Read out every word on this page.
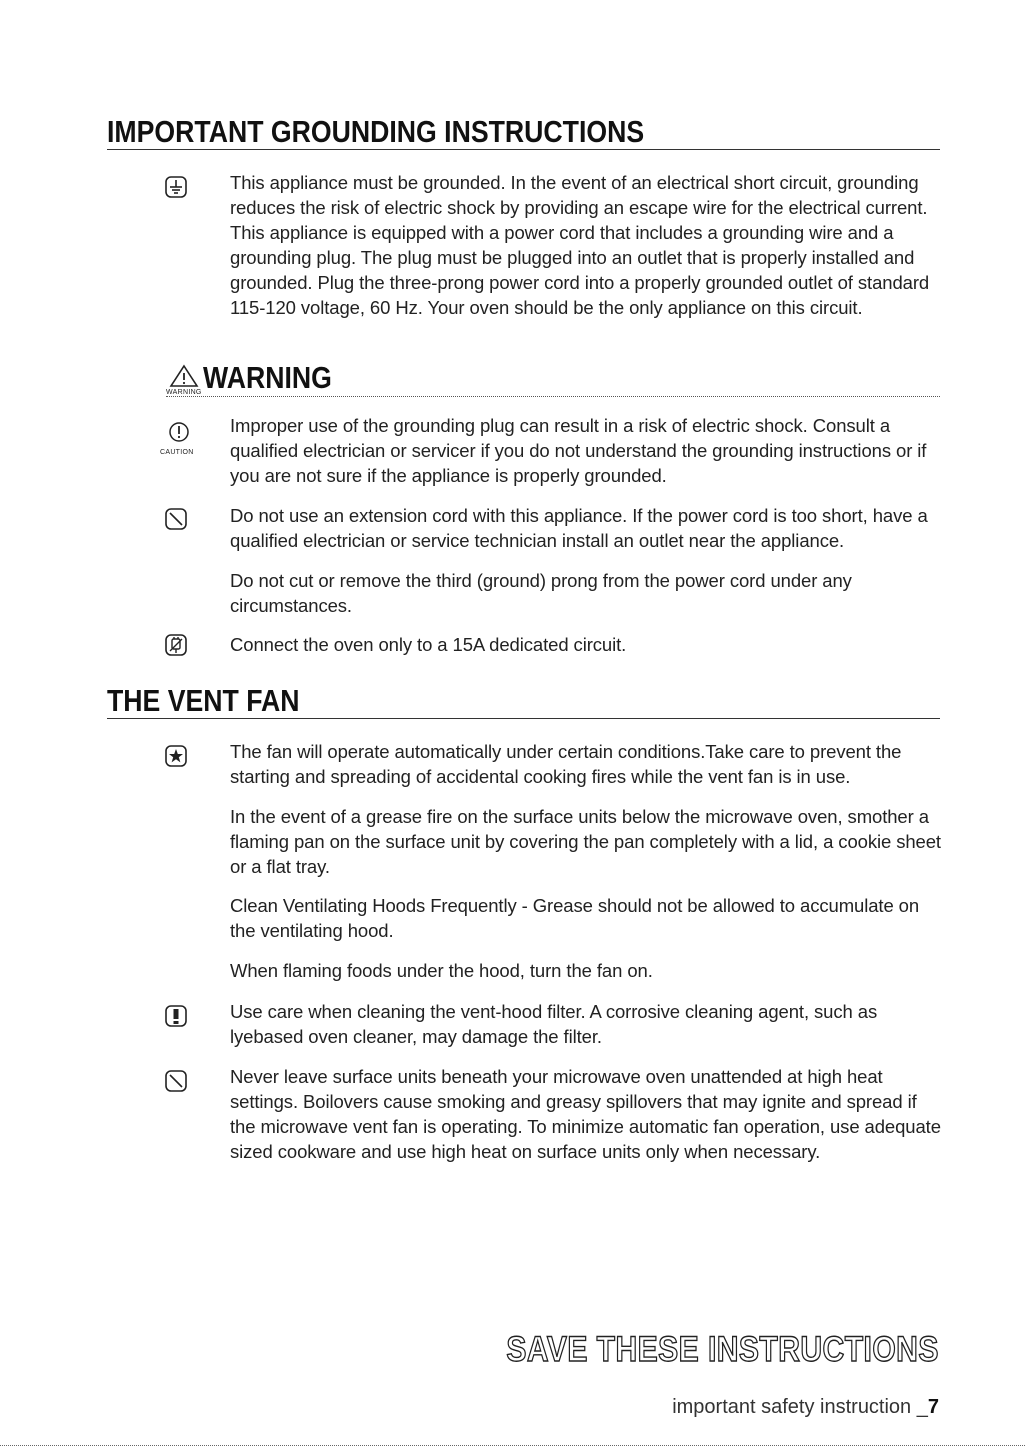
IMPORTANT GROUNDING INSTRUCTIONS
This appliance must be grounded. In the event of an electrical short circuit, grounding reduces the risk of electric shock by providing an escape wire for the electrical current. This appliance is equipped with a power cord that includes a grounding wire and a grounding plug. The plug must be plugged into an outlet that is properly installed and grounded. Plug the three-prong power cord into a properly grounded outlet of standard 115-120 voltage, 60 Hz. Your oven should be the only appliance on this circuit.
WARNING WARNING
CAUTION
Improper use of the grounding plug can result in a risk of electric shock. Consult a qualified electrician or servicer if you do not understand the grounding instructions or if you are not sure if the appliance is properly grounded.
Do not use an extension cord with this appliance. If the power cord is too short, have a qualified electrician or service technician install an outlet near the appliance.
Do not cut or remove the third (ground) prong from the power cord under any circumstances.
Connect the oven only to a 15A dedicated circuit.
THE VENT FAN
The fan will operate automatically under certain conditions.Take care to prevent the starting and spreading of accidental cooking fires while the vent fan is in use.
In the event of a grease fire on the surface units below the microwave oven, smother a flaming pan on the surface unit by covering the pan completely with a lid, a cookie sheet or a flat tray.
Clean Ventilating Hoods Frequently - Grease should not be allowed to accumulate on the ventilating hood.
When flaming foods under the hood, turn the fan on.
Use care when cleaning the vent-hood filter. A corrosive cleaning agent, such as lyebased oven cleaner, may damage the filter.
Never leave surface units beneath your microwave oven unattended at high heat settings. Boilovers cause smoking and greasy spillovers that may ignite and spread if the microwave vent fan is operating. To minimize automatic fan operation, use adequate sized cookware and use high heat on surface units only when necessary.
SAVE THESE INSTRUCTIONS
important safety instruction _7
